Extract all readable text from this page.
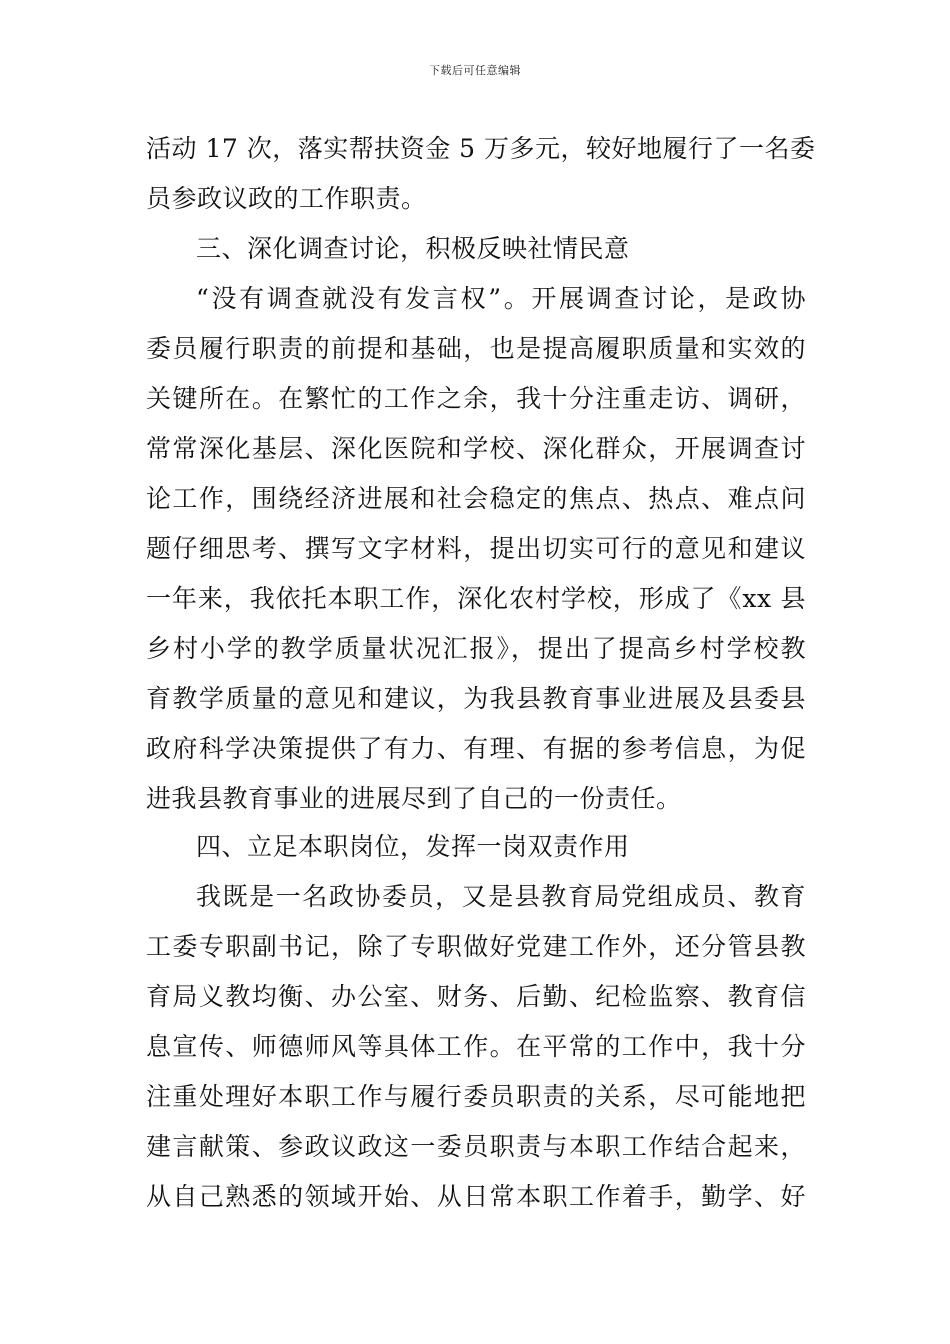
下载后可任意编辑
活动 17 次，落实帮扶资金 5 万多元，较好地履行了一名委
员参政议政的工作职责。
三、深化调查讨论，积极反映社情民意
“没有调查就没有发言权”。开展调查讨论，是政协
委员履行职责的前提和基础，也是提高履职质量和实效的
关键所在。在繁忙的工作之余，我十分注重走访、调研，
常常深化基层、深化医院和学校、深化群众，开展调查讨
论工作，围绕经济进展和社会稳定的焦点、热点、难点问
题仔细思考、撰写文字材料，提出切实可行的意见和建议
一年来，我依托本职工作，深化农村学校，形成了《xx 县
乡村小学的教学质量状况汇报》，提出了提高乡村学校教
育教学质量的意见和建议，为我县教育事业进展及县委县
政府科学决策提供了有力、有理、有据的参考信息，为促
进我县教育事业的进展尽到了自己的一份责任。
四、立足本职岗位，发挥一岗双责作用
我既是一名政协委员，又是县教育局党组成员、教育
工委专职副书记，除了专职做好党建工作外，还分管县教
育局义教均衡、办公室、财务、后勤、纪检监察、教育信
息宣传、师德师风等具体工作。在平常的工作中，我十分
注重处理好本职工作与履行委员职责的关系，尽可能地把
建言献策、参政议政这一委员职责与本职工作结合起来，
从自己熟悉的领域开始、从日常本职工作着手，勤学、好
